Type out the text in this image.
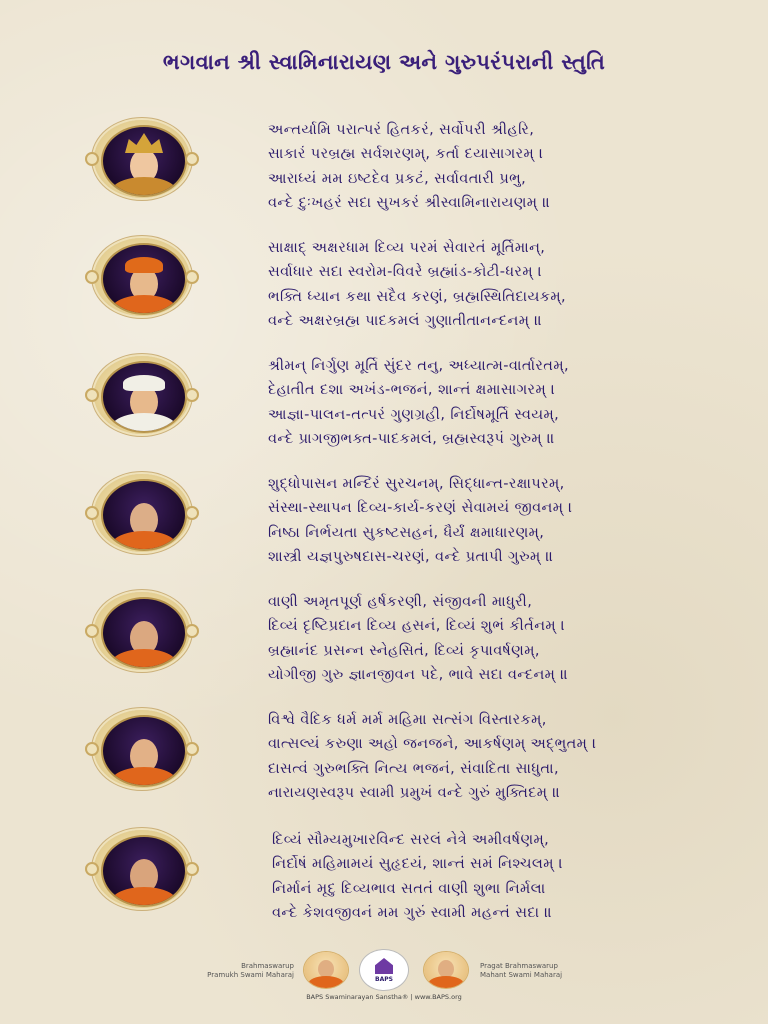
ભગવાન શ્રી સ્વામિનારાયણ અને ગુરુપરંપરાની સ્તુતિ
અન્તર્યામિ પરાત્પરં હિતકરં, સર્વોપરી શ્રીહરિ,
સાકારં પરબ્રહ્મ સર્વશરણમ્, કર્તા દયાસાગરમ્ ।
આરાધ્યં મમ ઇષ્ટદેવ પ્રકટં, સર્વાવતારી પ્રભુ,
વન્દે દુઃખહરં સદા સુખકરં શ્રીસ્વામિનારાયણમ્ ॥
સાક્ષાદ્ અક્ષરધામ દિવ્ય પરમં સેવારતં મૂર્તિમાન્,
સર્વાધાર સદા સ્વરોમ-વિવરે બ્રહ્માંડ-કોટી-ધરમ્ ।
ભક્તિ ધ્યાન કથા સદૈવ કરણં, બ્રહ્મસ્થિતિદાયકમ્,
વન્દે અક્ષરબ્રહ્મ પાદકમલં ગુણાતીતાનન્દનમ્ ॥
શ્રીમન્ નિર્ગુણ મૂર્તિ સુંદર તનુ, અધ્યાત્મ-વાર્તારતમ્,
દેહાતીત દશા અખંડ-ભજનં, શાન્તં ક્ષમાસાગરમ્ ।
આજ્ઞા-પાલન-તત્પરં ગુણગ્રહી, નિર્દોષમૂર્તિ સ્વયમ્,
વન્દે પ્રાગજીભક્ત-પાદકમલં, બ્રહ્મસ્વરૂપં ગુરુમ્ ॥
શુદ્ધોપાસન મન્દિરં સુરચનમ્, સિદ્ધાન્ત-રક્ષાપરમ્,
સંસ્થા-સ્થાપન દિવ્ય-કાર્ય-કરણં સેવામયં જીવનમ્ ।
નિષ્ઠા નિર્ભયતા સુકષ્ટસહનં, ધૈર્યં ક્ષમાધારણમ્,
શાસ્ત્રી યજ્ઞપુરુષદાસ-ચરણં, વન્દે પ્રતાપી ગુરુમ્ ॥
વાણી અમૃતપૂર્ણ હર્ષકરણી, સંજીવની માધુરી,
દિવ્યં દૃષ્ટિપ્રદાન દિવ્ય હસનં, દિવ્યં શુભં કીર્તનમ્ ।
બ્રહ્માનંદ પ્રસન્ન સ્નેહસિતં, દિવ્યં કૃપાવર્ષણમ્,
યોગીજી ગુરુ જ્ઞાનજીવન પદે, ભાવે સદા વન્દનમ્ ॥
વિશ્વે વૈદિક ધર્મ મર્મ મહિમા સત્સંગ વિસ્તારકમ્,
વાત્સલ્યં કરુણા અહો જનજને, આકર્ષણમ્ અદ્ભુતમ્ ।
દાસત્વં ગુરુભક્તિ નિત્ય ભજનં, સંવાદિતા સાધુતા,
નારાયણસ્વરૂપ સ્વામી પ્રમુખં વન્દે ગુરું મુક્તિદમ્ ॥
દિવ્યં સૌમ્યમુખારવિન્દ સરલં નેત્રે અમીવર્ષણમ્,
નિર્દોષં મહિમામયં સુહૃદયં, શાન્તં સમં નિશ્ચલમ્ ।
નિર્માનં મૃદુ દિવ્યભાવ સતતં વાણી શુભા નિર્મલા
વન્દે કેશવજીવનં મમ ગુરું સ્વામી મહન્તં સદા ॥
Brahmaswarup
Pramukh Swami Maharaj
BAPS
Pragat Brahmaswarup
Mahant Swami Maharaj
BAPS Swaminarayan Sanstha® | www.BAPS.org
